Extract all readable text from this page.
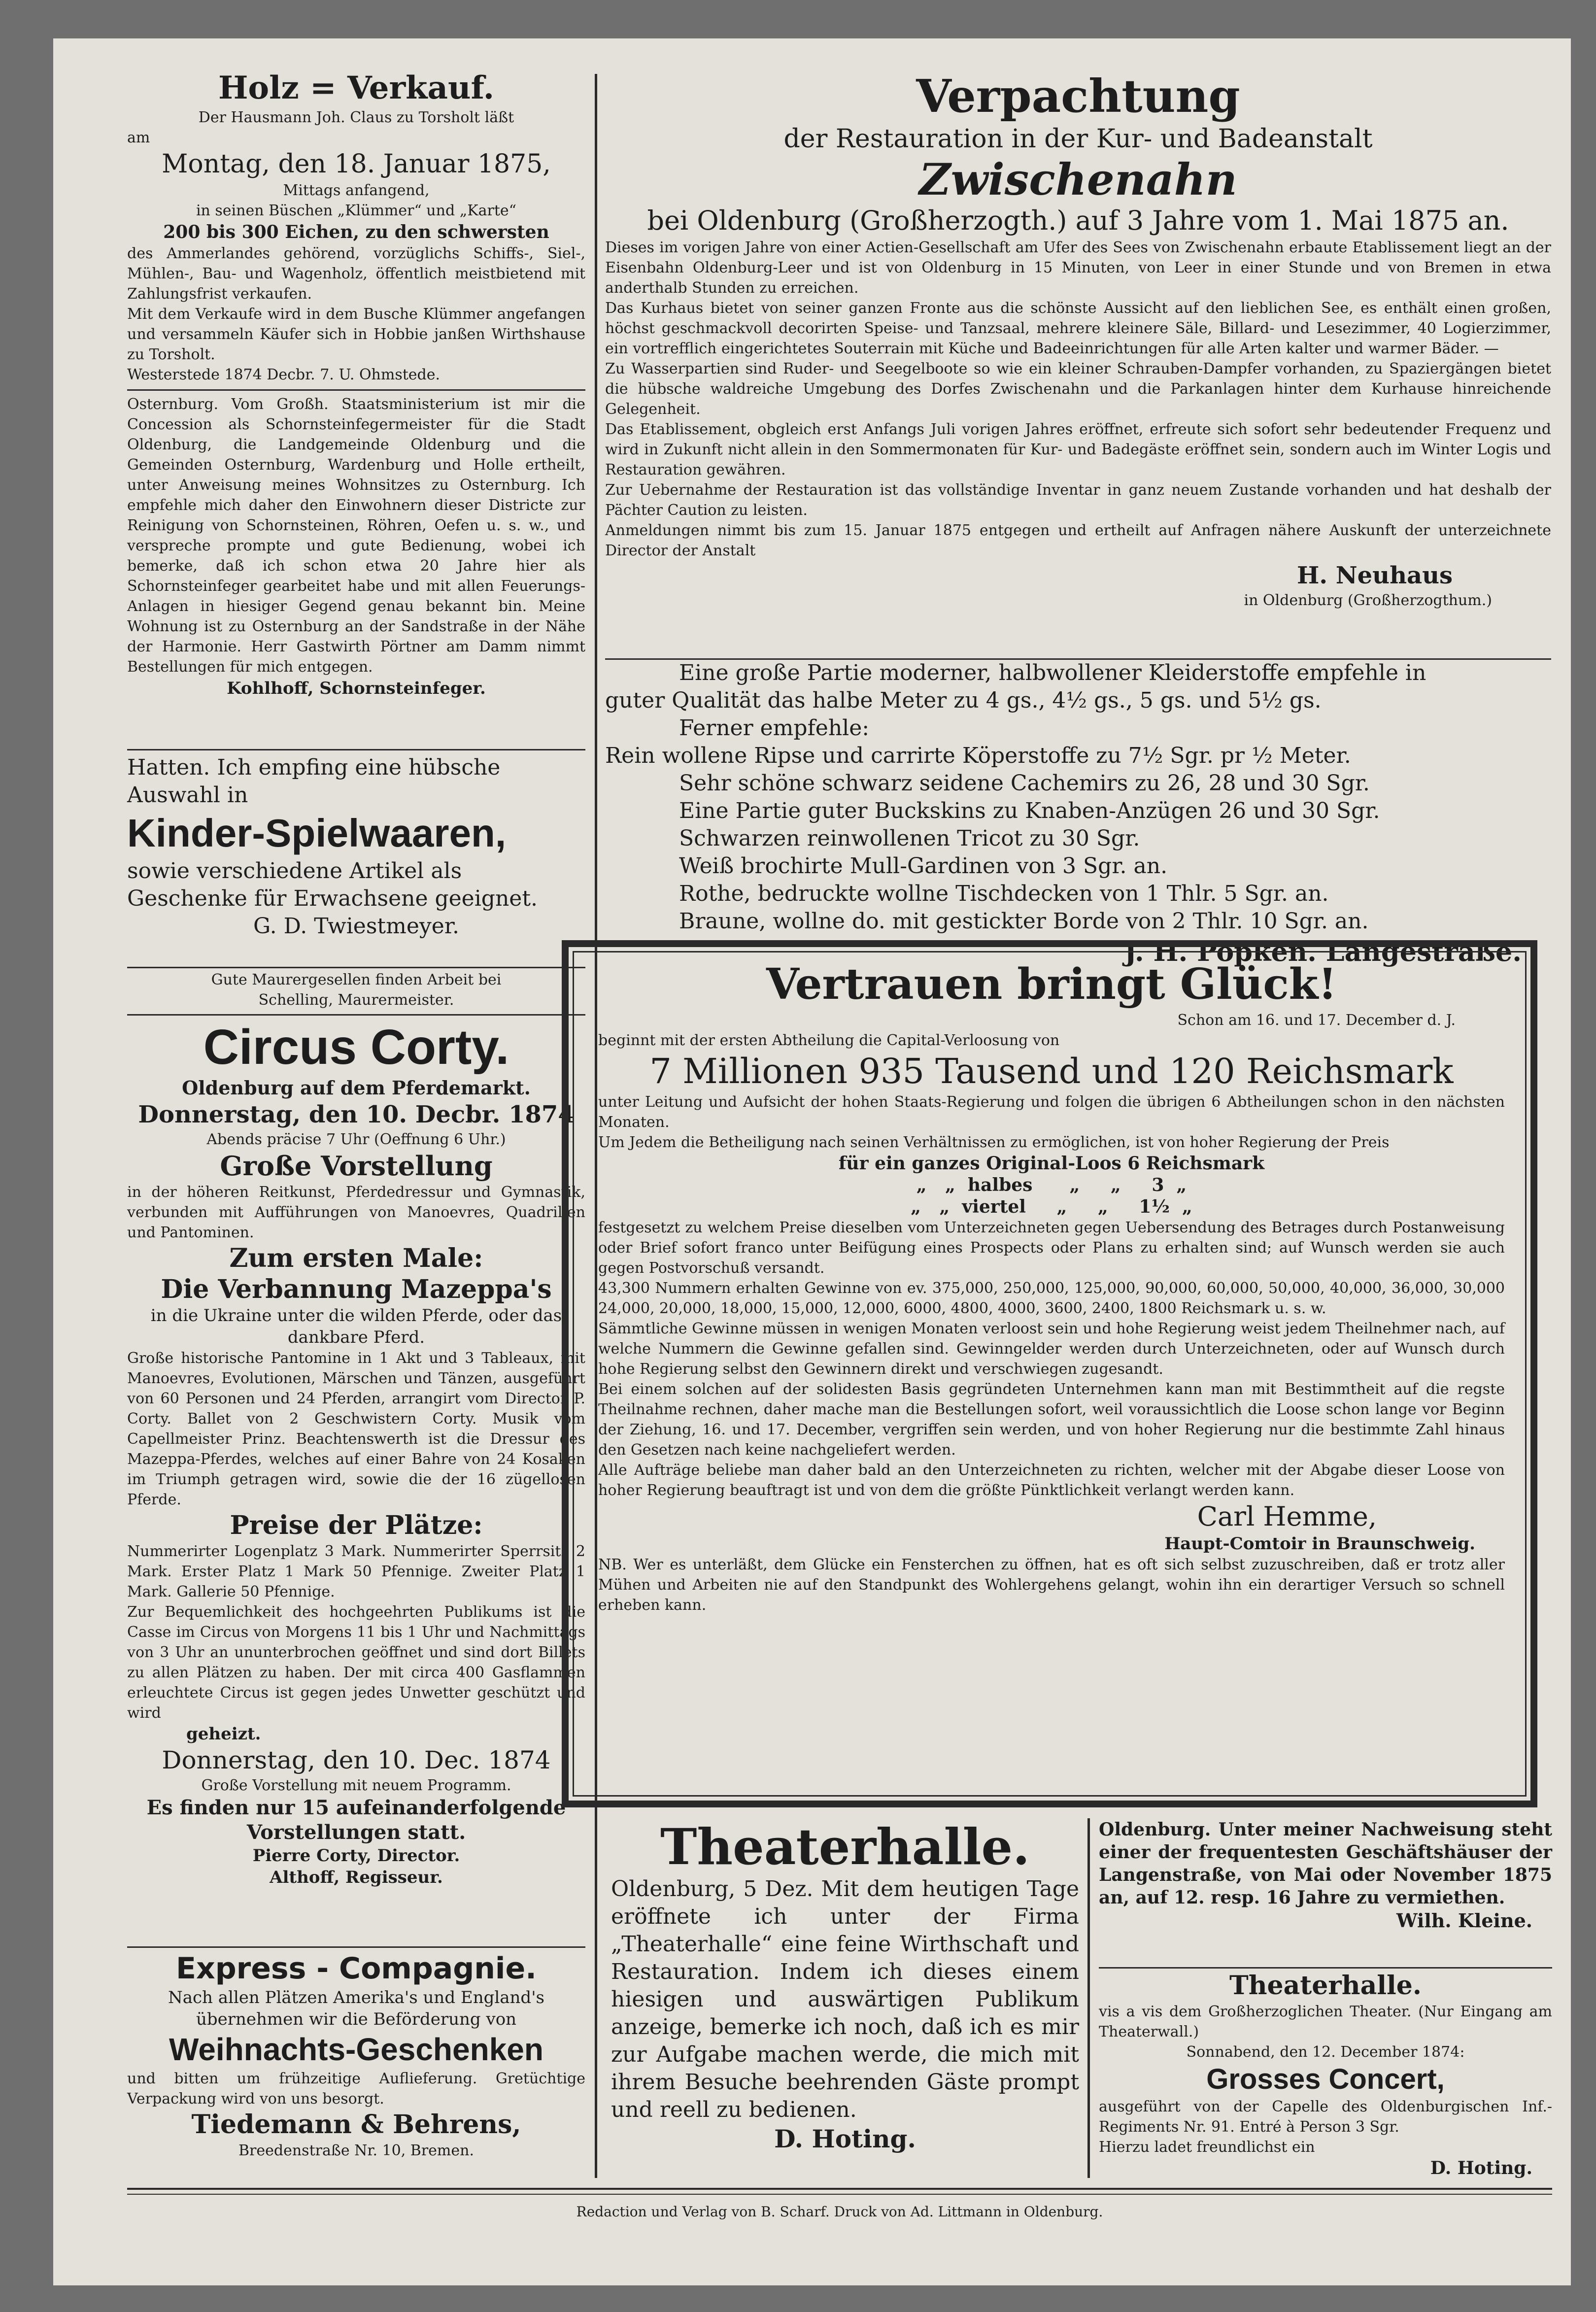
Holz = Verkauf.

Der Hausmann Joh. Claus zu Torsholt läßt

am

Montag, den 18. Januar 1875,

Mittags anfangend,

in seinen Büschen „Klümmer“ und „Karte“

200 bis 300 Eichen, zu den schwersten

des Ammerlandes gehörend, vorzüglichs Schiffs-, Siel-, Mühlen-, Bau- und Wagenholz, öffentlich meistbietend mit Zahlungsfrist verkaufen.

Mit dem Verkaufe wird in dem Busche Klümmer angefangen und versammeln Käufer sich in Hobbie janßen Wirthshause zu Torsholt.

Westerstede 1874 Decbr. 7. U. Ohmstede.

Osternburg. Vom Großh. Staatsministerium ist mir die Concession als Schornsteinfegermeister für die Stadt Oldenburg, die Landgemeinde Oldenburg und die Gemeinden Osternburg, Wardenburg und Holle ertheilt, unter Anweisung meines Wohnsitzes zu Osternburg. Ich empfehle mich daher den Einwohnern dieser Districte zur Reinigung von Schornsteinen, Röhren, Oefen u. s. w., und verspreche prompte und gute Bedienung, wobei ich bemerke, daß ich schon etwa 20 Jahre hier als Schornsteinfeger gearbeitet habe und mit allen Feuerungs-Anlagen in hiesiger Gegend genau bekannt bin. Meine Wohnung ist zu Osternburg an der Sandstraße in der Nähe der Harmonie. Herr Gastwirth Pörtner am Damm nimmt Bestellungen für mich entgegen.

Kohlhoff, Schornsteinfeger.

Hatten. Ich empfing eine hübsche

Auswahl in

Kinder-Spielwaaren,

sowie verschiedene Artikel als Geschenke für Erwachsene geeignet.

G. D. Twiestmeyer.

Gute Maurergesellen finden Arbeit bei

Schelling, Maurermeister.

Circus Corty.

Oldenburg auf dem Pferdemarkt.

Donnerstag, den 10. Decbr. 1874

Abends präcise 7 Uhr (Oeffnung 6 Uhr.)

Große Vorstellung

in der höheren Reitkunst, Pferdedressur und Gymnastik, verbunden mit Aufführungen von Manoevres, Quadrillen und Pantominen.

Zum ersten Male:

Die Verbannung Mazeppa's

in die Ukraine unter die wilden Pferde, oder das dankbare Pferd.

Große historische Pantomine in 1 Akt und 3 Tableaux, mit Manoevres, Evolutionen, Märschen und Tänzen, ausgeführt von 60 Personen und 24 Pferden, arrangirt vom Director P. Corty. Ballet von 2 Geschwistern Corty. Musik vom Capellmeister Prinz. Beachtenswerth ist die Dressur des Mazeppa-Pferdes, welches auf einer Bahre von 24 Kosaken im Triumph getragen wird, sowie die der 16 zügellosen Pferde.

Preise der Plätze:

Nummerirter Logenplatz 3 Mark. Nummerirter Sperrsitz 2 Mark. Erster Platz 1 Mark 50 Pfennige. Zweiter Platz 1 Mark. Gallerie 50 Pfennige.

Zur Bequemlichkeit des hochgeehrten Publikums ist die Casse im Circus von Morgens 11 bis 1 Uhr und Nachmittags von 3 Uhr an ununterbrochen geöffnet und sind dort Billets zu allen Plätzen zu haben. Der mit circa 400 Gasflammen erleuchtete Circus ist gegen jedes Unwetter geschützt und wird

geheizt.

Donnerstag, den 10. Dec. 1874

Große Vorstellung mit neuem Programm.

Es finden nur 15 aufeinanderfolgende Vorstellungen statt.

Pierre Corty, Director.

Althoff, Regisseur.

Express - Compagnie.

Nach allen Plätzen Amerika's und England's übernehmen wir die Beförderung von

Weihnachts-Geschenken

und bitten um frühzeitige Auflieferung. Gretüchtige Verpackung wird von uns besorgt.

Tiedemann & Behrens,

Breedenstraße Nr. 10, Bremen.

Verpachtung

der Restauration in der Kur- und Badeanstalt

Zwischenahn

bei Oldenburg (Großherzogth.) auf 3 Jahre vom 1. Mai 1875 an.

Dieses im vorigen Jahre von einer Actien-Gesellschaft am Ufer des Sees von Zwischenahn erbaute Etablissement liegt an der Eisenbahn Oldenburg-Leer und ist von Oldenburg in 15 Minuten, von Leer in einer Stunde und von Bremen in etwa anderthalb Stunden zu erreichen.

Das Kurhaus bietet von seiner ganzen Fronte aus die schönste Aussicht auf den lieblichen See, es enthält einen großen, höchst geschmackvoll decorirten Speise- und Tanzsaal, mehrere kleinere Säle, Billard- und Lesezimmer, 40 Logierzimmer, ein vortrefflich eingerichtetes Souterrain mit Küche und Badeeinrichtungen für alle Arten kalter und warmer Bäder. —

Zu Wasserpartien sind Ruder- und Seegelboote so wie ein kleiner Schrauben-Dampfer vorhanden, zu Spaziergängen bietet die hübsche waldreiche Umgebung des Dorfes Zwischenahn und die Parkanlagen hinter dem Kurhause hinreichende Gelegenheit.

Das Etablissement, obgleich erst Anfangs Juli vorigen Jahres eröffnet, erfreute sich sofort sehr bedeutender Frequenz und wird in Zukunft nicht allein in den Sommermonaten für Kur- und Badegäste eröffnet sein, sondern auch im Winter Logis und Restauration gewähren.

Zur Uebernahme der Restauration ist das vollständige Inventar in ganz neuem Zustande vorhanden und hat deshalb der Pächter Caution zu leisten.

Anmeldungen nimmt bis zum 15. Januar 1875 entgegen und ertheilt auf Anfragen nähere Auskunft der unterzeichnete Director der Anstalt

H. Neuhaus

in Oldenburg (Großherzogthum.)

Eine große Partie moderner, halbwollener Kleiderstoffe empfehle in

guter Qualität das halbe Meter zu 4 gs., 4½ gs., 5 gs. und 5½ gs.

Ferner empfehle:

Rein wollene Ripse und carrirte Köperstoffe zu 7½ Sgr. pr ½ Meter.

Sehr schöne schwarz seidene Cachemirs zu 26, 28 und 30 Sgr.

Eine Partie guter Buckskins zu Knaben-Anzügen 26 und 30 Sgr.

Schwarzen reinwollenen Tricot zu 30 Sgr.

Weiß brochirte Mull-Gardinen von 3 Sgr. an.

Rothe, bedruckte wollne Tischdecken von 1 Thlr. 5 Sgr. an.

Braune, wollne do. mit gestickter Borde von 2 Thlr. 10 Sgr. an.

J. H. Popken. Langestraße.

Vertrauen bringt Glück!

Schon am 16. und 17. December d. J.

beginnt mit der ersten Abtheilung die Capital-Verloosung von

7 Millionen 935 Tausend und 120 Reichsmark

unter Leitung und Aufsicht der hohen Staats-Regierung und folgen die übrigen 6 Abtheilungen schon in den nächsten Monaten.

Um Jedem die Betheiligung nach seinen Verhältnissen zu ermöglichen, ist von hoher Regierung der Preis

für ein ganzes Original-Loos 6 Reichsmark

„   „  halbes      „     „     3  „

„   „  viertel     „     „     1½  „

festgesetzt zu welchem Preise dieselben vom Unterzeichneten gegen Uebersendung des Betrages durch Postanweisung oder Brief sofort franco unter Beifügung eines Prospects oder Plans zu erhalten sind; auf Wunsch werden sie auch gegen Postvorschuß versandt.

43,300 Nummern erhalten Gewinne von ev. 375,000, 250,000, 125,000, 90,000, 60,000, 50,000, 40,000, 36,000, 30,000 24,000, 20,000, 18,000, 15,000, 12,000, 6000, 4800, 4000, 3600, 2400, 1800 Reichsmark u. s. w.

Sämmtliche Gewinne müssen in wenigen Monaten verloost sein und hohe Regierung weist jedem Theilnehmer nach, auf welche Nummern die Gewinne gefallen sind. Gewinngelder werden durch Unterzeichneten, oder auf Wunsch durch hohe Regierung selbst den Gewinnern direkt und verschwiegen zugesandt.

Bei einem solchen auf der solidesten Basis gegründeten Unternehmen kann man mit Bestimmtheit auf die regste Theilnahme rechnen, daher mache man die Bestellungen sofort, weil voraussichtlich die Loose schon lange vor Beginn der Ziehung, 16. und 17. December, vergriffen sein werden, und von hoher Regierung nur die bestimmte Zahl hinaus den Gesetzen nach keine nachgeliefert werden.

Alle Aufträge beliebe man daher bald an den Unterzeichneten zu richten, welcher mit der Abgabe dieser Loose von hoher Regierung beauftragt ist und von dem die größte Pünktlichkeit verlangt werden kann.

Carl Hemme,

Haupt-Comtoir in Braunschweig.

NB. Wer es unterläßt, dem Glücke ein Fensterchen zu öffnen, hat es oft sich selbst zuzuschreiben, daß er trotz aller Mühen und Arbeiten nie auf den Standpunkt des Wohlergehens gelangt, wohin ihn ein derartiger Versuch so schnell erheben kann.

Theaterhalle.

Oldenburg, 5 Dez. Mit dem heutigen Tage eröffnete ich unter der Firma „Theaterhalle“ eine feine Wirthschaft und Restauration. Indem ich dieses einem hiesigen und auswärtigen Publikum anzeige, bemerke ich noch, daß ich es mir zur Aufgabe machen werde, die mich mit ihrem Besuche beehrenden Gäste prompt und reell zu bedienen.

D. Hoting.

Oldenburg. Unter meiner Nachweisung steht einer der frequentesten Geschäftshäuser der Langenstraße, von Mai oder November 1875 an, auf 12. resp. 16 Jahre zu vermiethen.

Wilh. Kleine.

Theaterhalle.

vis a vis dem Großherzoglichen Theater. (Nur Eingang am Theaterwall.)

Sonnabend, den 12. December 1874:

Grosses Concert,

ausgeführt von der Capelle des Oldenburgischen Inf.-Regiments Nr. 91. Entré à Person 3 Sgr.

Hierzu ladet freundlichst ein

D. Hoting.

Redaction und Verlag von B. Scharf. Druck von Ad. Littmann in Oldenburg.
